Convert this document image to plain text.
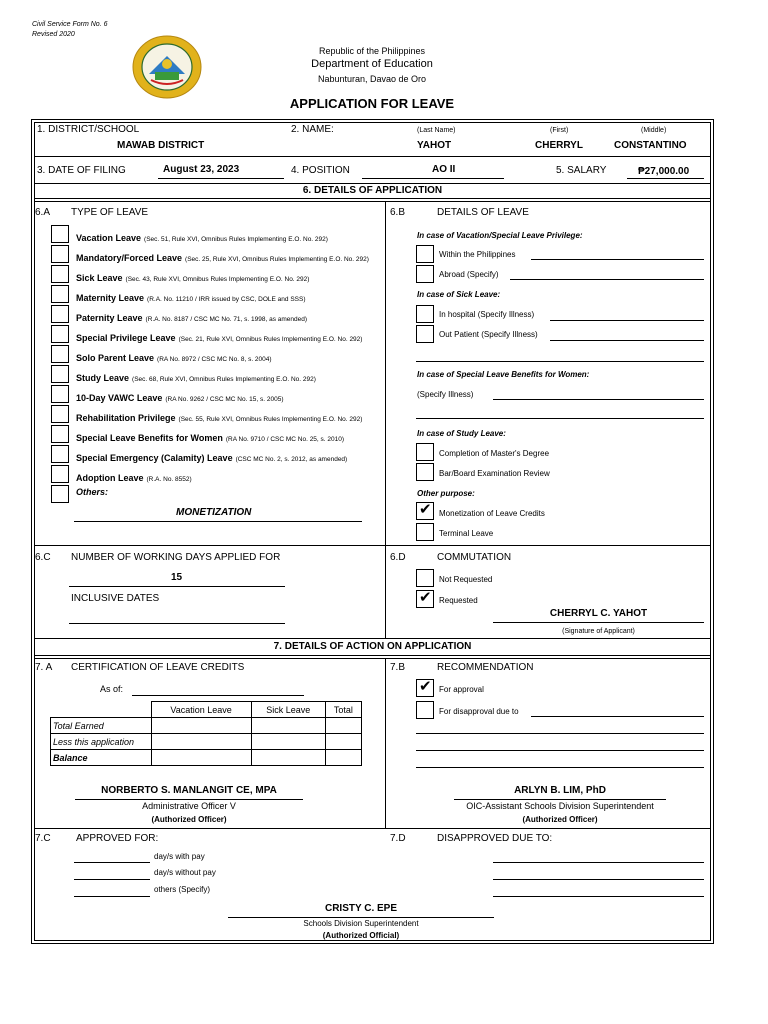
Civil Service Form No. 6
Revised 2020
Republic of the Philippines
Department of Education
Nabunturan, Davao de Oro
APPLICATION FOR LEAVE
1. DISTRICT/SCHOOL
MAWAB DISTRICT
2. NAME:	(Last Name)	(First)	(Middle)
YAHOT	CHERRYL	CONSTANTINO
3. DATE OF FILING	August 23, 2023	4. POSITION	AO II	5. SALARY	₱27,000.00
6. DETAILS OF APPLICATION
6.A TYPE OF LEAVE
Vacation Leave (Sec. 51, Rule XVI, Omnibus Rules Implementing E.O. No. 292)
Mandatory/Forced Leave (Sec. 25, Rule XVI, Omnibus Rules Implementing E.O. No. 292)
Sick Leave (Sec. 43, Rule XVI, Omnibus Rules Implementing E.O. No. 292)
Maternity Leave (R.A. No. 11210 / IRR issued by CSC, DOLE and SSS)
Paternity Leave (R.A. No. 8187 / CSC MC No. 71, s. 1998, as amended)
Special Privilege Leave (Sec. 21, Rule XVI, Omnibus Rules Implementing E.O. No. 292)
Solo Parent Leave (RA No. 8972 / CSC MC No. 8, s. 2004)
Study Leave (Sec. 68, Rule XVI, Omnibus Rules Implementing E.O. No. 292)
10-Day VAWC Leave (RA No. 9262 / CSC MC No. 15, s. 2005)
Rehabilitation Privilege (Sec. 55, Rule XVI, Omnibus Rules Implementing E.O. No. 292)
Special Leave Benefits for Women (RA No. 9710 / CSC MC No. 25, s. 2010)
Special Emergency (Calamity) Leave (CSC MC No. 2, s. 2012, as amended)
Adoption Leave (R.A. No. 8552)
Others:
MONETIZATION
6.B	DETAILS OF LEAVE
In case of Vacation/Special Leave Privilege:
Within the Philippines
Abroad (Specify)
In case of Sick Leave:
In hospital (Specify Illness)
Out Patient (Specify Illness)
In case of Special Leave Benefits for Women:
(Specify Illness)
In case of Study Leave:
Completion of Master's Degree
Bar/Board Examination Review
Other purpose:
✔ Monetization of Leave Credits
Terminal Leave
6.C NUMBER OF WORKING DAYS APPLIED FOR
15
INCLUSIVE DATES
6.D	COMMUTATION
Not Requested
✔ Requested
CHERRYL C. YAHOT
(Signature of Applicant)
7. DETAILS OF ACTION ON APPLICATION
7. A CERTIFICATION OF LEAVE CREDITS
As of:
	Vacation Leave	Sick Leave	Total
Total Earned			
Less this application			
Balance			
NORBERTO S. MANLANGIT CE, MPA
Administrative Officer V
(Authorized Officer)
7.B	RECOMMENDATION
✔ For approval
For disapproval due to
ARLYN B. LIM, PhD
OIC-Assistant Schools Division Superintendent
(Authorized Officer)
7.C	APPROVED FOR:
day/s with pay
day/s without pay
others (Specify)
7.D	DISAPPROVED DUE TO:
CRISTY C. EPE
Schools Division Superintendent
(Authorized Official)
